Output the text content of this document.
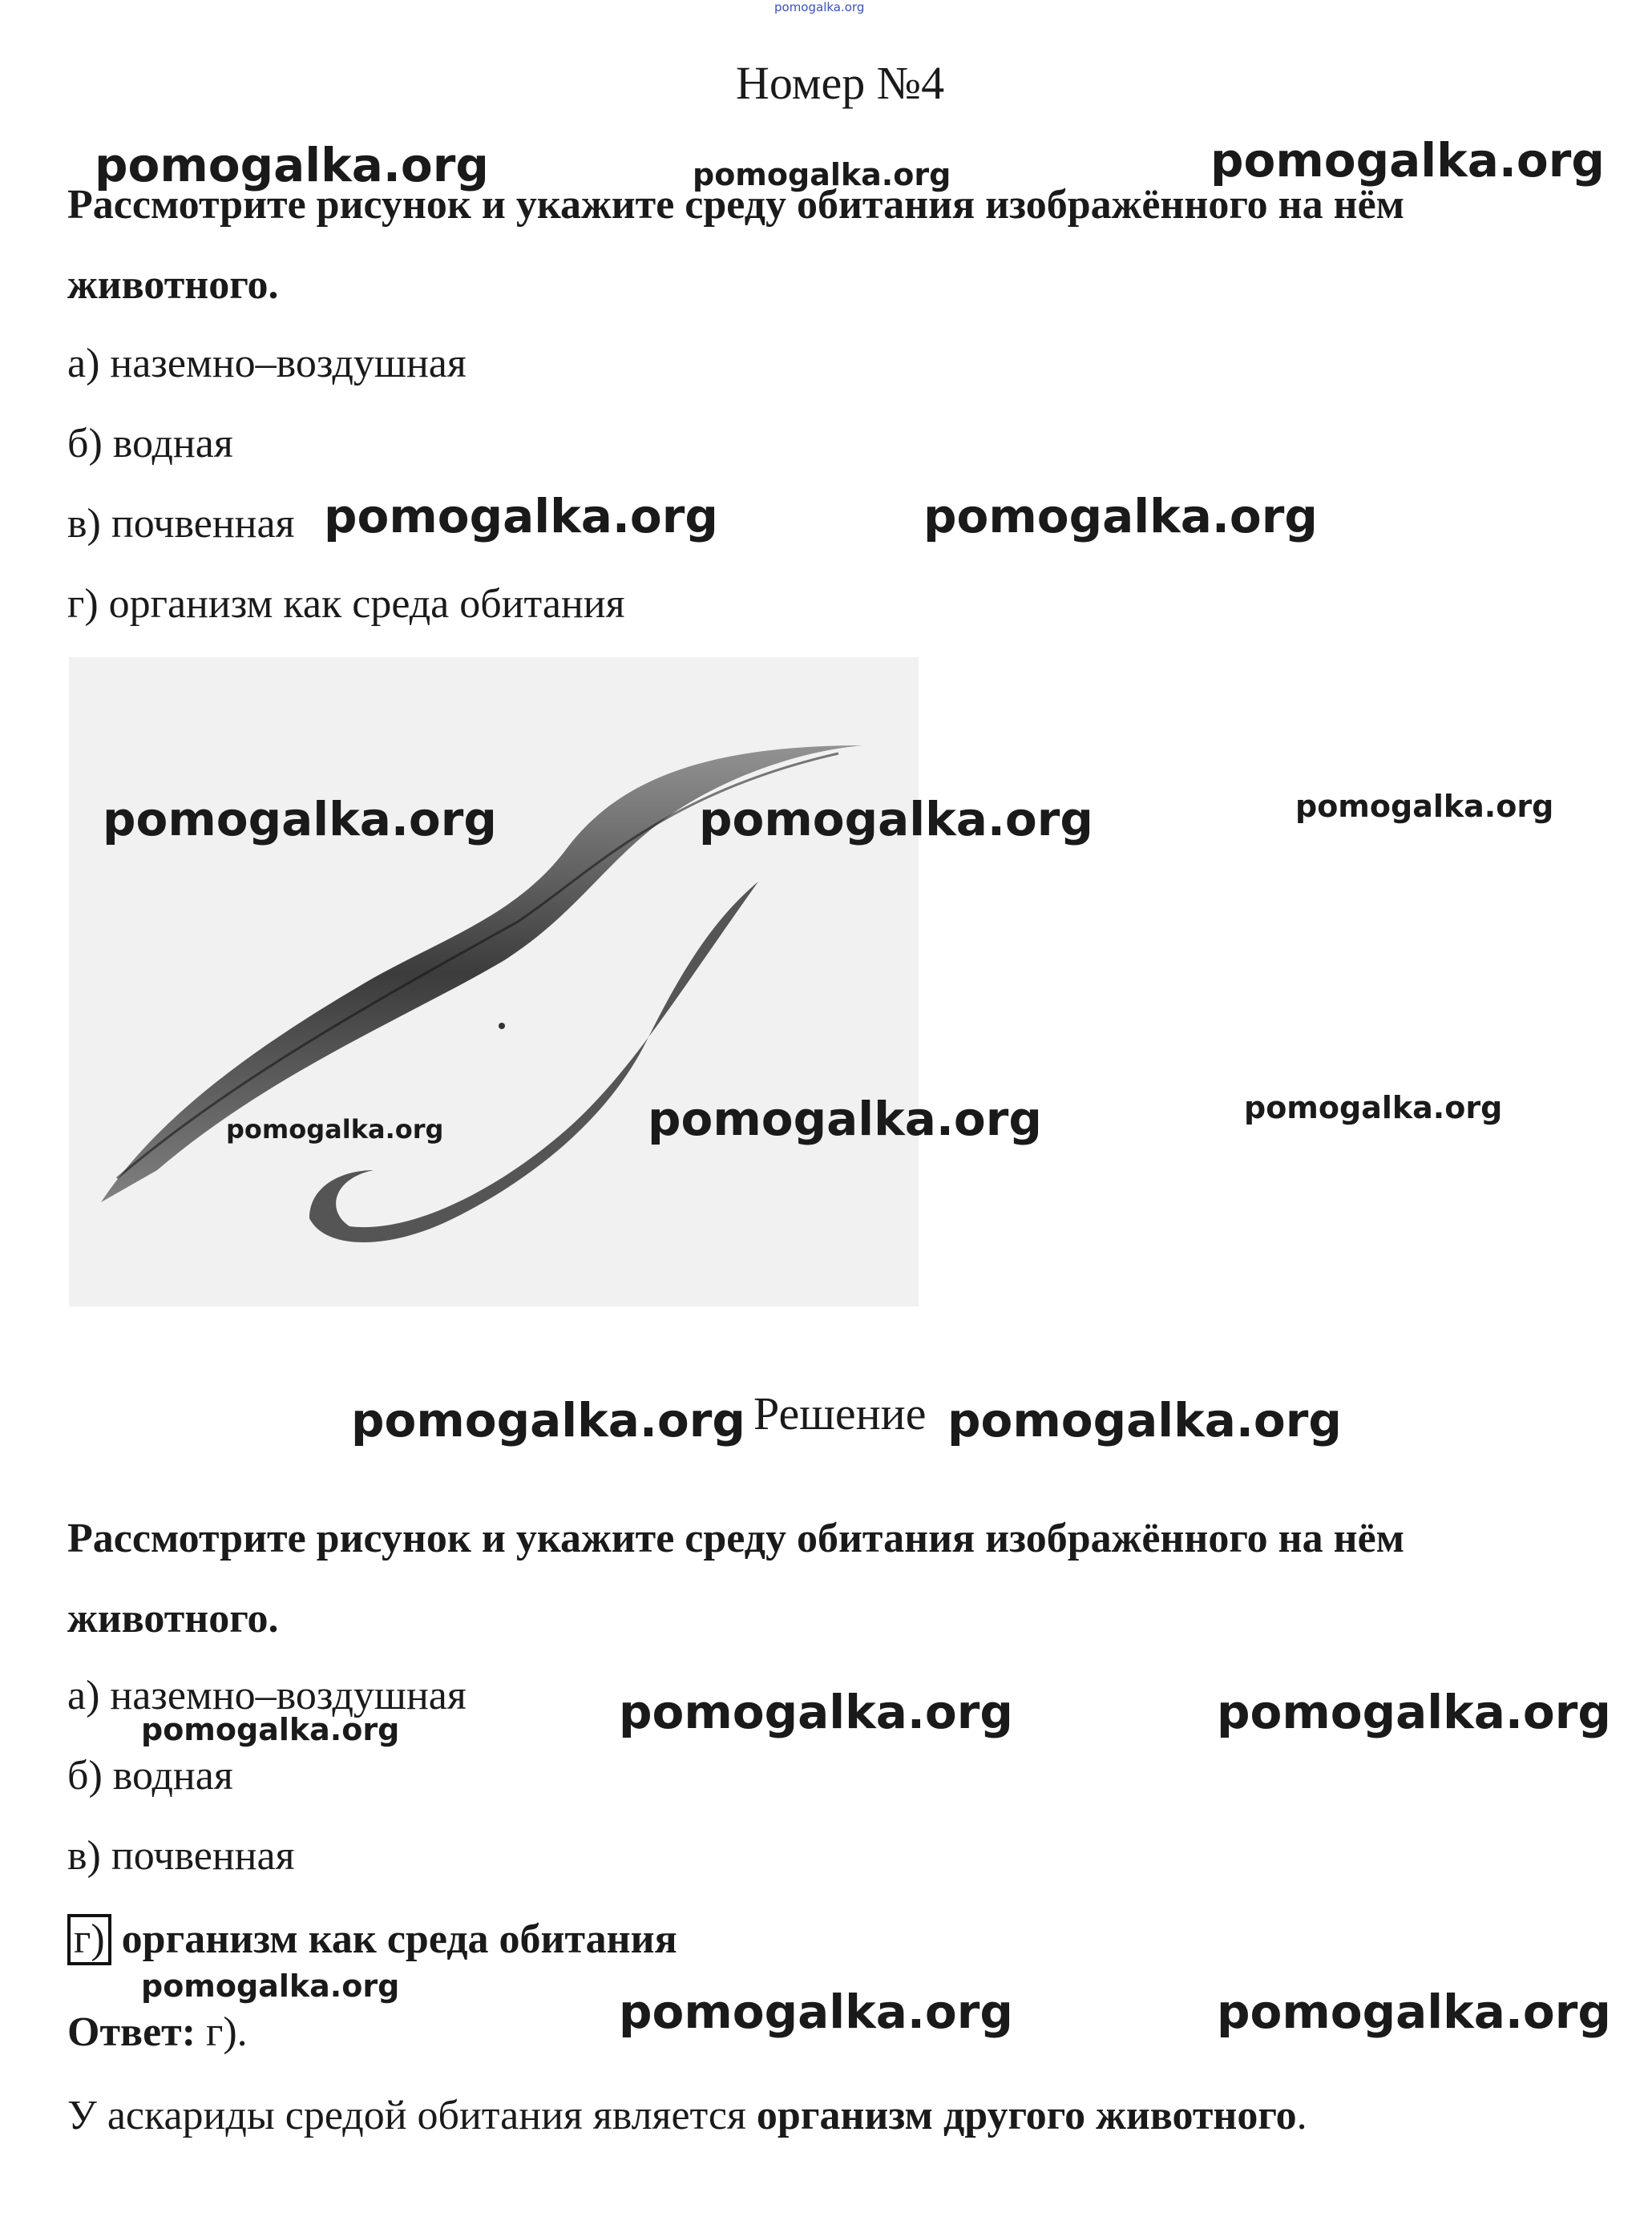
pomogalka.org
Номер №4
pomogalka.org	pomogalka.org	pomogalka.org
Рассмотрите рисунок и укажите среду обитания изображённого на нём
животного.
а) наземно–воздушная
б) водная
в) почвенная
г) организм как среда обитания
pomogalka.org	pomogalka.org
pomogalka.org	pomogalka.org	pomogalka.org
pomogalka.org	pomogalka.org	pomogalka.org
pomogalka.org Решение pomogalka.org
Рассмотрите рисунок и укажите среду обитания изображённого на нём
животного.
а) наземно–воздушная
pomogalka.org	pomogalka.org	pomogalka.org
б) водная
в) почвенная
г) организм как среда обитания
pomogalka.org
Ответ: г).	pomogalka.org	pomogalka.org
У аскариды средой обитания является организм другого животного.
